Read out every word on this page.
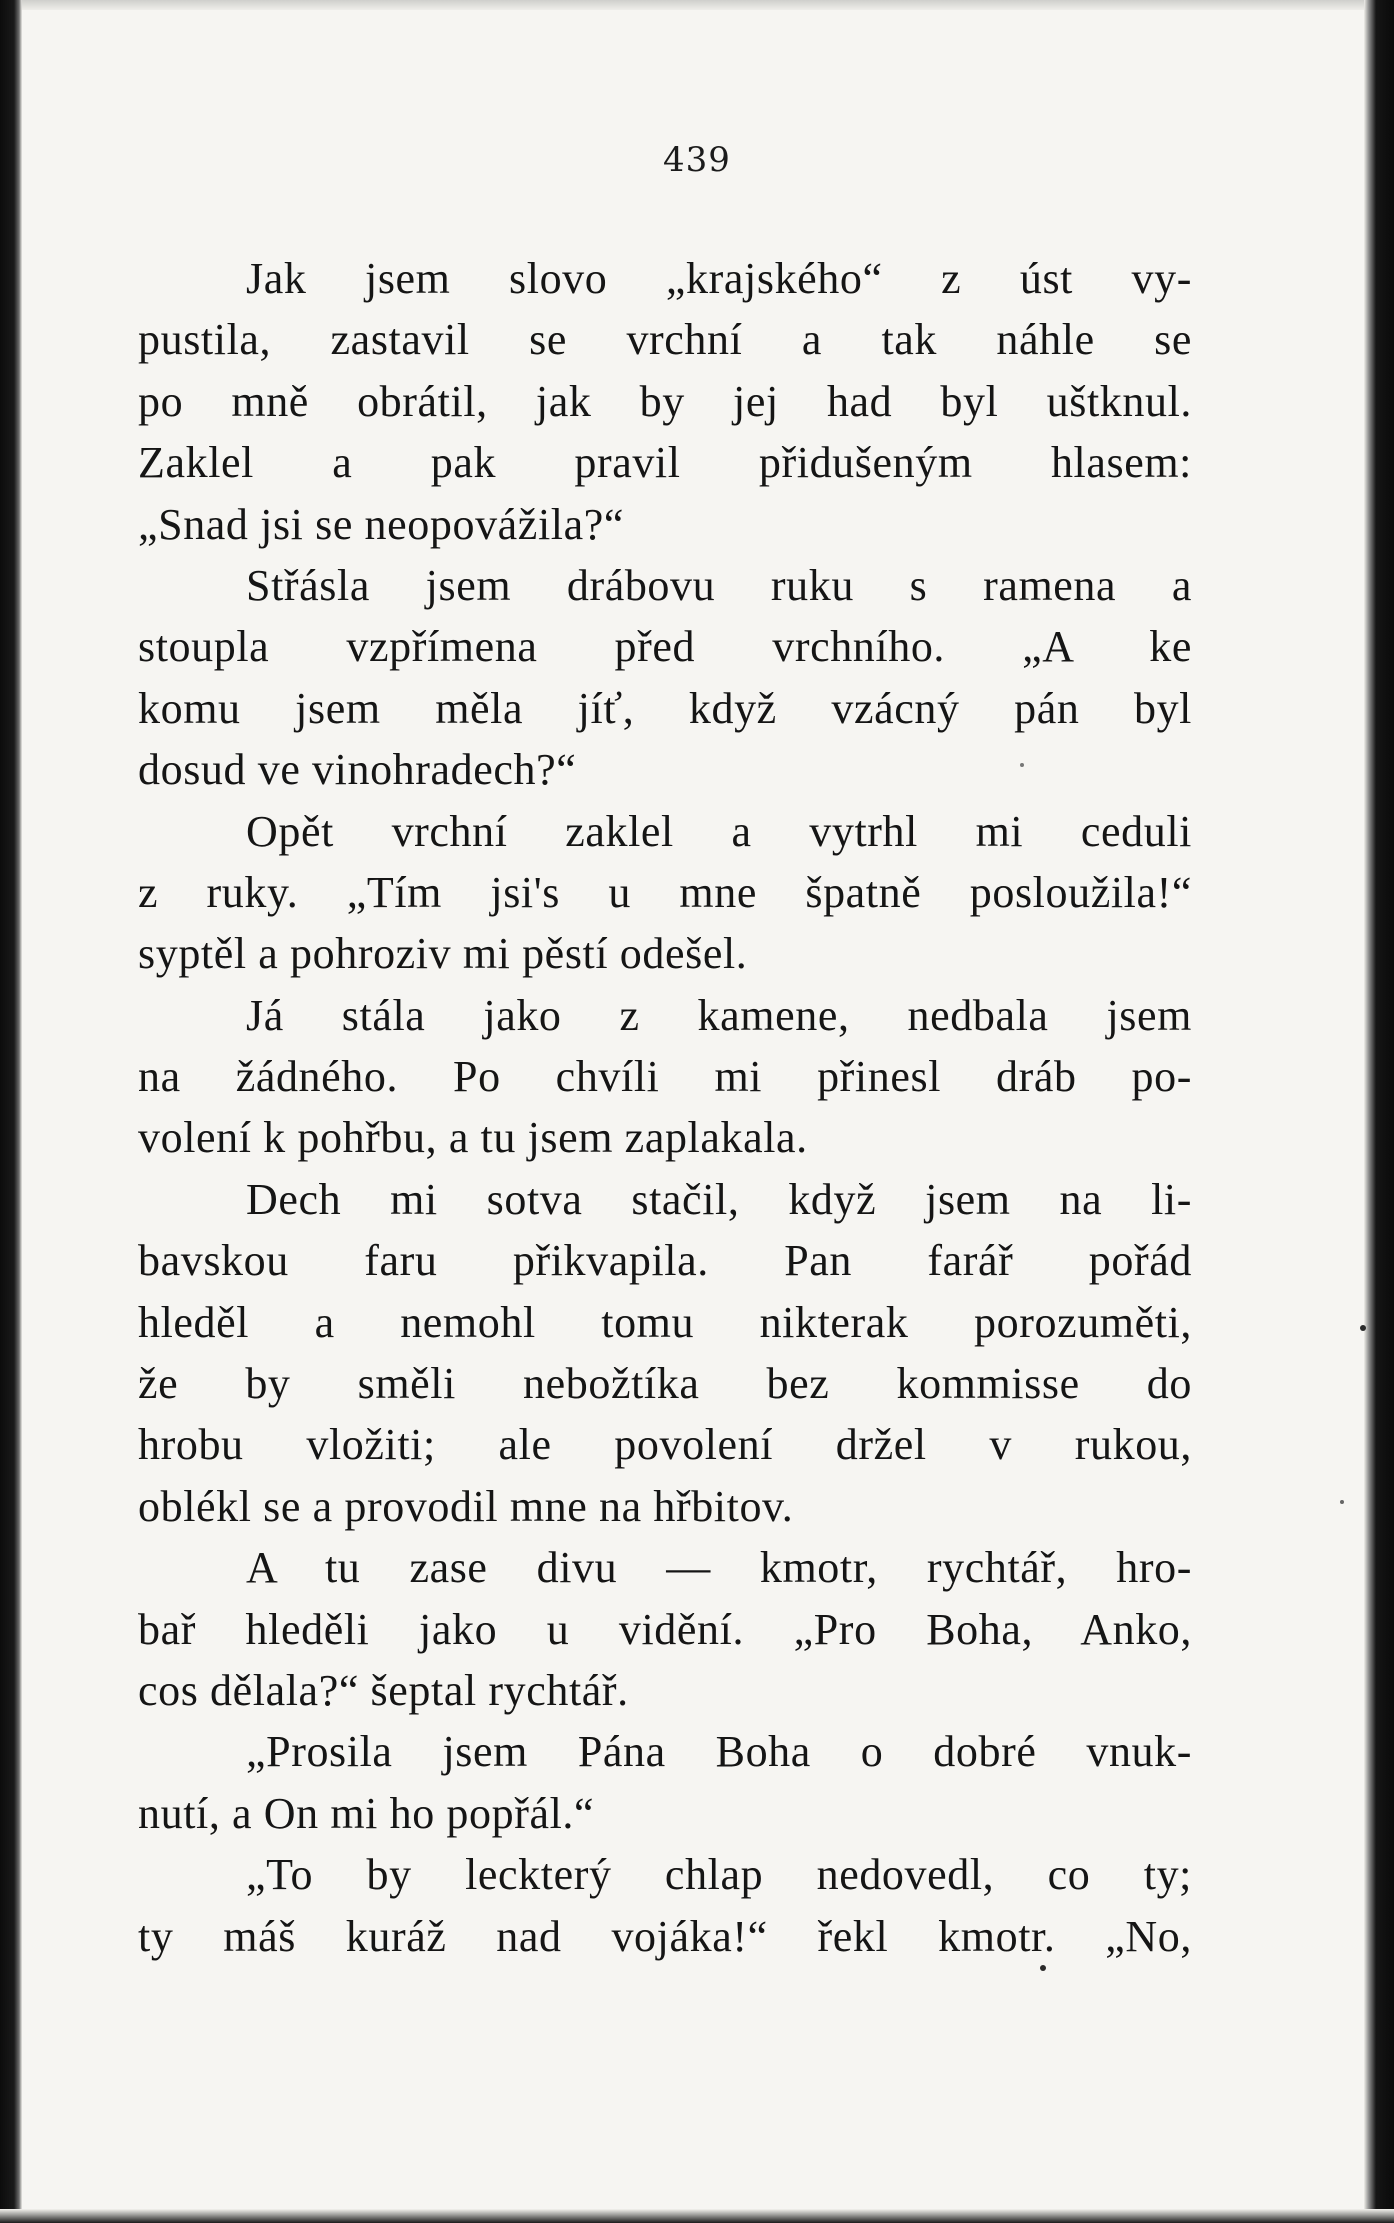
439
Jak jsem slovo „krajského“ z úst vy-
pustila, zastavil se vrchní a tak náhle se
po mně obrátil, jak by jej had byl uštknul.
Zaklel a pak pravil přidušeným hlasem:
„Snad jsi se neopovážila?“
Střásla jsem drábovu ruku s ramena a
stoupla vzpřímena před vrchního. „A ke
komu jsem měla jíť, když vzácný pán byl
dosud ve vinohradech?“
Opět vrchní zaklel a vytrhl mi ceduli
z ruky. „Tím jsi's u mne špatně posloužila!“
syptěl a pohroziv mi pěstí odešel.
Já stála jako z kamene, nedbala jsem
na žádného. Po chvíli mi přinesl dráb po-
volení k pohřbu, a tu jsem zaplakala.
Dech mi sotva stačil, když jsem na li-
bavskou faru přikvapila. Pan farář pořád
hleděl a nemohl tomu nikterak porozuměti,
že by směli nebožtíka bez kommisse do
hrobu vložiti; ale povolení držel v rukou,
oblékl se a provodil mne na hřbitov.
A tu zase divu — kmotr, rychtář, hro-
bař hleděli jako u vidění. „Pro Boha, Anko,
cos dělala?“ šeptal rychtář.
„Prosila jsem Pána Boha o dobré vnuk-
nutí, a On mi ho popřál.“
„To by leckterý chlap nedovedl, co ty;
ty máš kuráž nad vojáka!“ řekl kmotr. „No,
